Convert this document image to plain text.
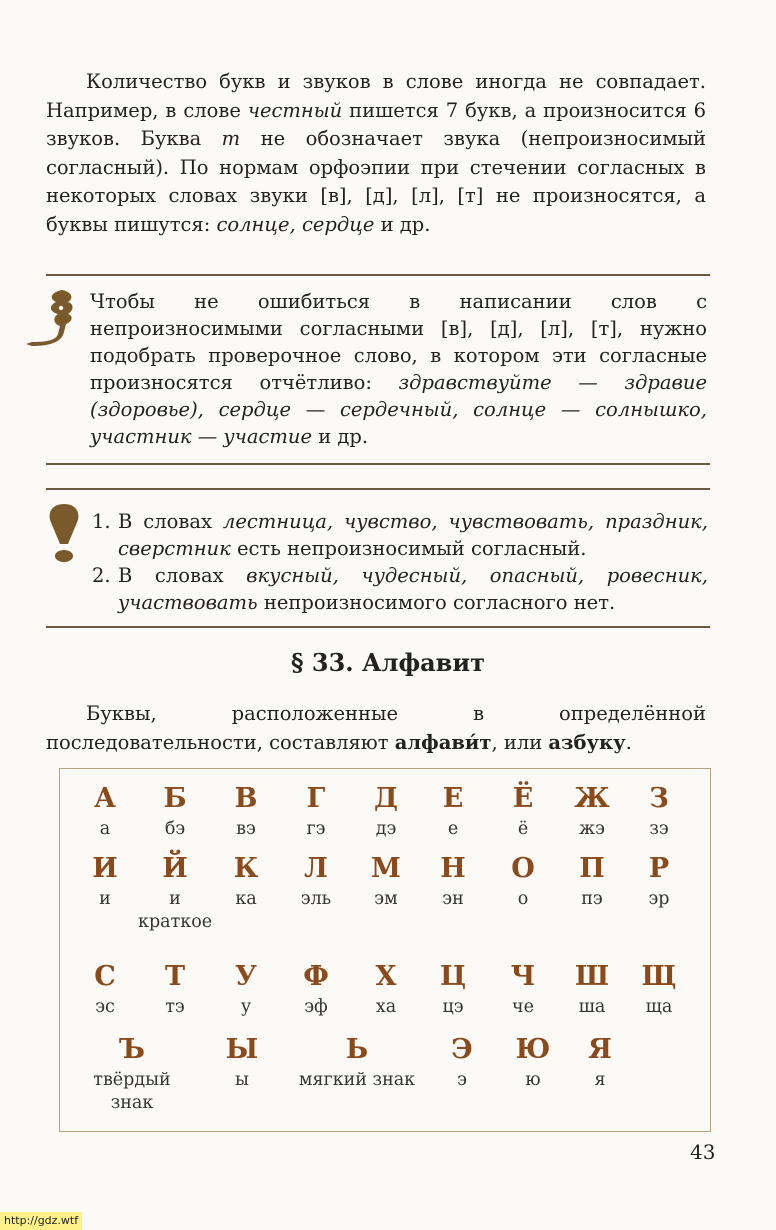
Количество букв и звуков в слове иногда не совпадает. Например, в слове честный пишется 7 букв, а произносится 6 звуков. Буква т не обозначает звука (непроизносимый согласный). По нормам орфоэпии при стечении согласных в некоторых словах звуки [в], [д], [л], [т] не произносятся, а буквы пишутся: солнце, сердце и др.

Чтобы не ошибиться в написании слов с непроизносимыми согласными [в], [д], [л], [т], нужно подобрать проверочное слово, в котором эти согласные произносятся отчётливо: здравствуйте — здравие (здоровье), сердце — сердечный, солнце — солнышко, участник — участие и др.

1. В словах лестница, чувство, чувствовать, праздник, сверстник есть непроизносимый согласный.
2. В словах вкусный, чудесный, опасный, ровесник, участвовать непроизносимого согласного нет.
§ 33. Алфавит

Буквы, расположенные в определённой последовательности, составляют алфави́т, или азбуку.

А
а
Б
бэ
В
вэ
Г
гэ
Д
дэ
Е
е
Ё
ё
Ж
жэ
З
зэ
И
и
Й
и краткое
К
ка
Л
эль
М
эм
Н
эн
О
о
П
пэ
Р
эр
С
эс
Т
тэ
У
у
Ф
эф
Х
ха
Ц
цэ
Ч
че
Ш
ша
Щ
ща
Ъ
твёрдый знак
Ы
ы
Ь
мягкий знак
Э
э
Ю
ю
Я
я
43
http://gdz.wtf
